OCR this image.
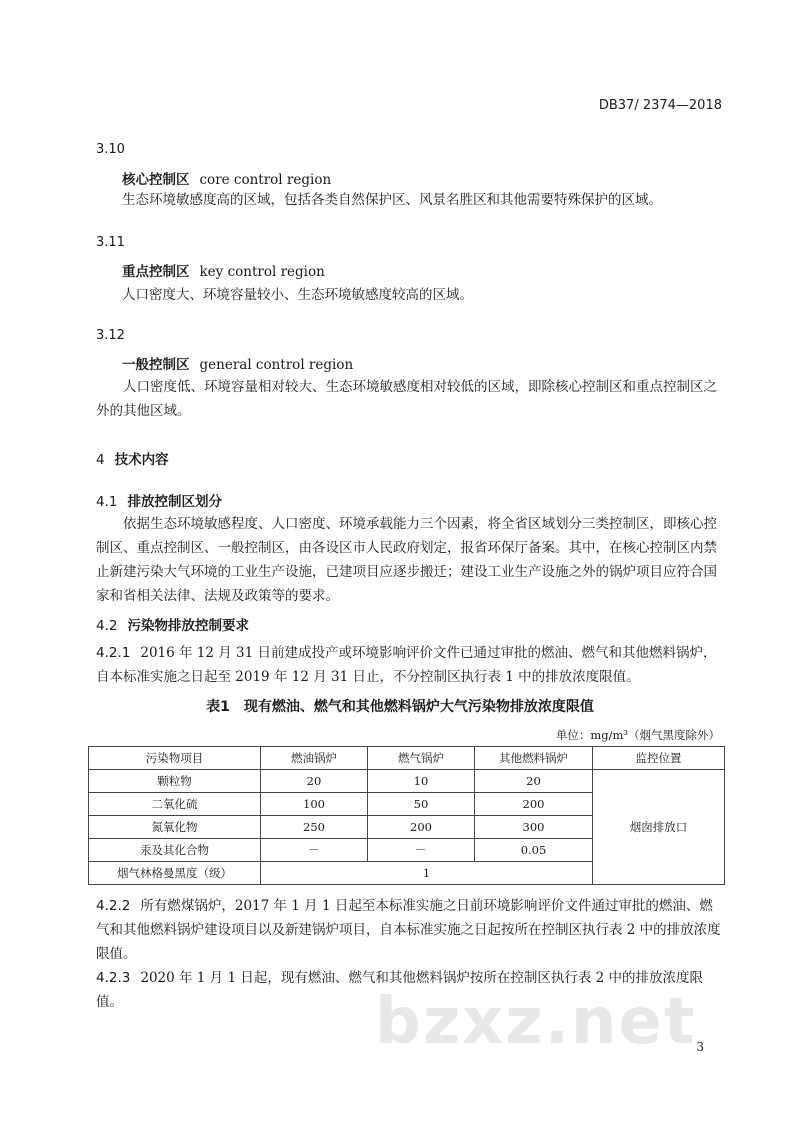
DB37/ 2374—2018
3.10
核心控制区 core control region
生态环境敏感度高的区域，包括各类自然保护区、风景名胜区和其他需要特殊保护的区域。
3.11
重点控制区 key control region
人口密度大、环境容量较小、生态环境敏感度较高的区域。
3.12
一般控制区 general control region

人口密度低、环境容量相对较大、生态环境敏感度相对较低的区域，即除核心控制区和重点控制区之外的其他区域。

4 技术内容
4.1 排放控制区划分

依据生态环境敏感程度、人口密度、环境承载能力三个因素，将全省区域划分三类控制区，即核心控制区、重点控制区、一般控制区，由各设区市人民政府划定，报省环保厅备案。其中，在核心控制区内禁止新建污染大气环境的工业生产设施，已建项目应逐步搬迁；建设工业生产设施之外的锅炉项目应符合国家和省相关法律、法规及政策等的要求。

4.2 污染物排放控制要求

4.2.1 2016 年 12 月 31 日前建成投产或环境影响评价文件已通过审批的燃油、燃气和其他燃料锅炉，自本标准实施之日起至 2019 年 12 月 31 日止，不分控制区执行表 1 中的排放浓度限值。

表1　现有燃油、燃气和其他燃料锅炉大气污染物排放浓度限值
单位：mg/m³（烟气黑度除外）
污染物项目	燃油锅炉	燃气锅炉	其他燃料锅炉	监控位置
颗粒物	20	10	20	烟囱排放口
二氧化硫	100	50	200	
氮氧化物	250	200	300	
汞及其化合物	－	－	0.05	
烟气林格曼黑度（级）	1			

4.2.2 所有燃煤锅炉，2017 年 1 月 1 日起至本标准实施之日前环境影响评价文件通过审批的燃油、燃气和其他燃料锅炉建设项目以及新建锅炉项目，自本标准实施之日起按所在控制区执行表 2 中的排放浓度限值。

4.2.3 2020 年 1 月 1 日起，现有燃油、燃气和其他燃料锅炉按所在控制区执行表 2 中的排放浓度限值。	bzxz.net 3
